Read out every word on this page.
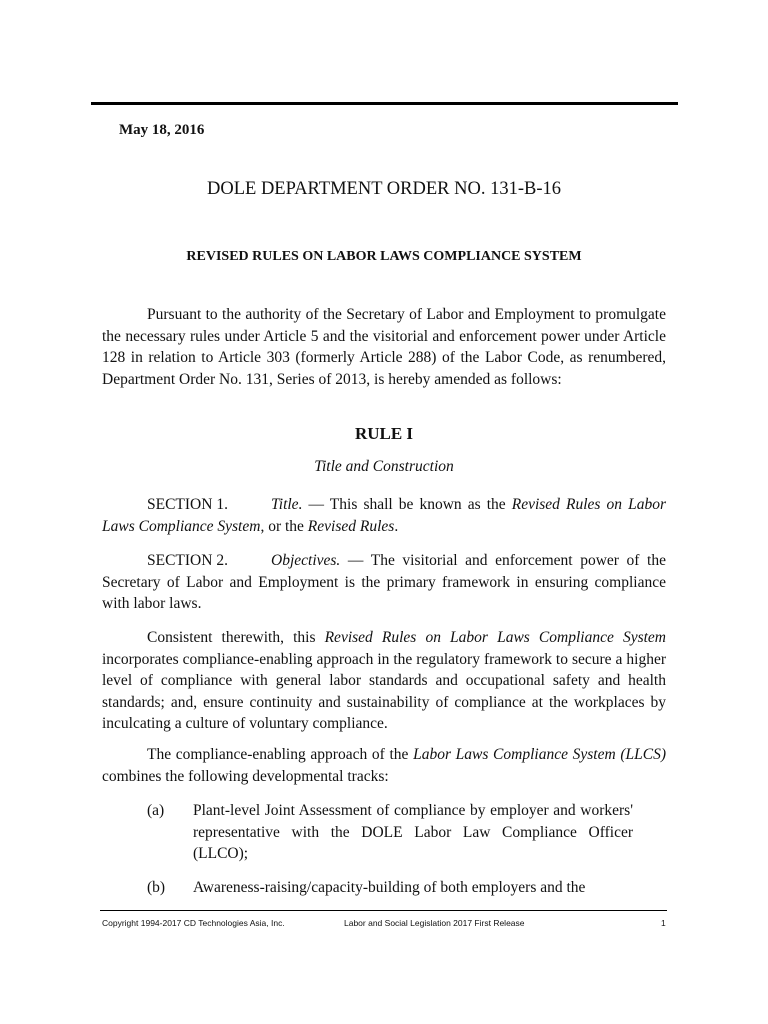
May 18, 2016
DOLE DEPARTMENT ORDER NO. 131-B-16
REVISED RULES ON LABOR LAWS COMPLIANCE SYSTEM
Pursuant to the authority of the Secretary of Labor and Employment to promulgate the necessary rules under Article 5 and the visitorial and enforcement power under Article 128 in relation to Article 303 (formerly Article 288) of the Labor Code, as renumbered, Department Order No. 131, Series of 2013, is hereby amended as follows:
RULE I
Title and Construction
SECTION 1.	Title. — This shall be known as the Revised Rules on Labor Laws Compliance System, or the Revised Rules.
SECTION 2.	Objectives. — The visitorial and enforcement power of the Secretary of Labor and Employment is the primary framework in ensuring compliance with labor laws.
Consistent therewith, this Revised Rules on Labor Laws Compliance System incorporates compliance-enabling approach in the regulatory framework to secure a higher level of compliance with general labor standards and occupational safety and health standards; and, ensure continuity and sustainability of compliance at the workplaces by inculcating a culture of voluntary compliance.
The compliance-enabling approach of the Labor Laws Compliance System (LLCS) combines the following developmental tracks:
(a) Plant-level Joint Assessment of compliance by employer and workers' representative with the DOLE Labor Law Compliance Officer (LLCO);
(b) Awareness-raising/capacity-building of both employers and the
Copyright 1994-2017 CD Technologies Asia, Inc.	Labor and Social Legislation 2017 First Release	1
